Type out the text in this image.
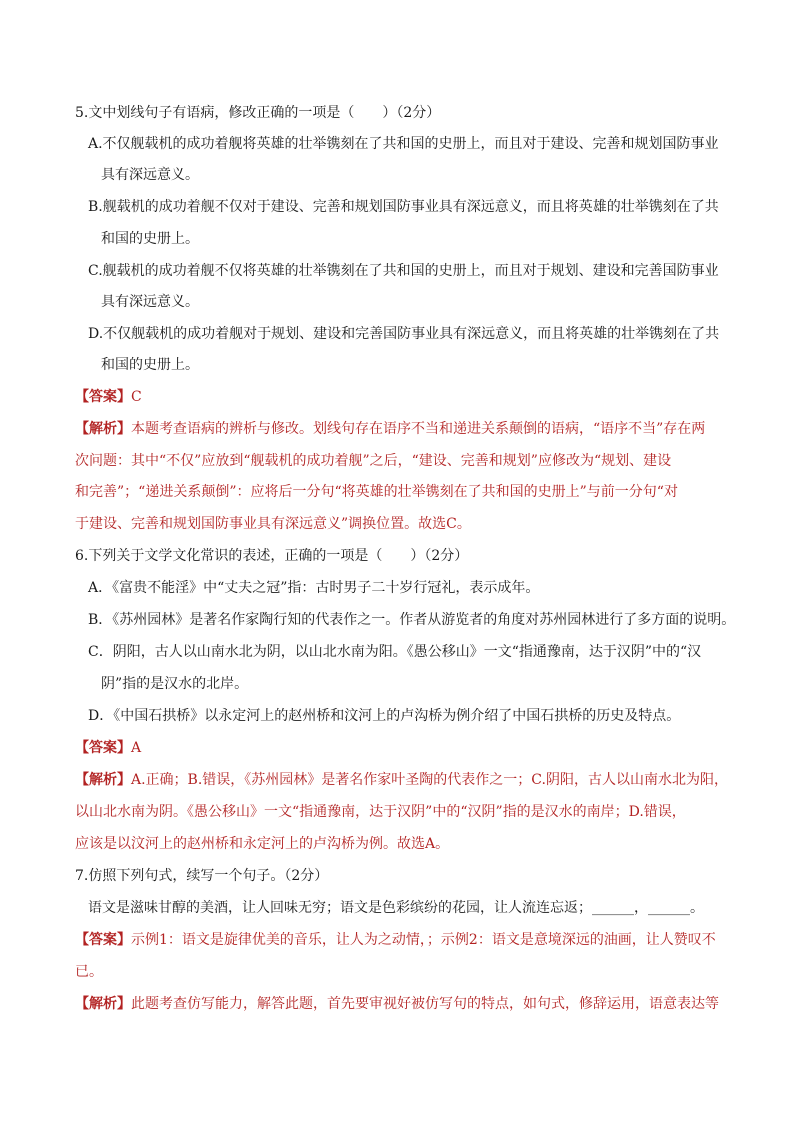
5.文中划线句子有语病，修改正确的一项是（　　）（2分）
A.不仅舰载机的成功着舰将英雄的壮举镌刻在了共和国的史册上，而且对于建设、完善和规划国防事业
具有深远意义。
B.舰载机的成功着舰不仅对于建设、完善和规划国防事业具有深远意义，而且将英雄的壮举镌刻在了共
和国的史册上。
C.舰载机的成功着舰不仅将英雄的壮举镌刻在了共和国的史册上，而且对于规划、建设和完善国防事业
具有深远意义。
D.不仅舰载机的成功着舰对于规划、建设和完善国防事业具有深远意义，而且将英雄的壮举镌刻在了共
和国的史册上。
【答案】C
【解析】本题考查语病的辨析与修改。划线句存在语序不当和递进关系颠倒的语病，“语序不当”存在两
次问题：其中“不仅”应放到“舰载机的成功着舰”之后，“建设、完善和规划”应修改为“规划、建设
和完善”；“递进关系颠倒”：应将后一分句“将英雄的壮举镌刻在了共和国的史册上”与前一分句“对
于建设、完善和规划国防事业具有深远意义”调换位置。故选C。
6.下列关于文学文化常识的表述，正确的一项是（　　）（2分）
A．《富贵不能淫》中“丈夫之冠”指：古时男子二十岁行冠礼，表示成年。
B．《苏州园林》是著名作家陶行知的代表作之一。作者从游览者的角度对苏州园林进行了多方面的说明。
C．阴阳，古人以山南水北为阴，以山北水南为阳。《愚公移山》一文“指通豫南，达于汉阴”中的“汉
阴”指的是汉水的北岸。
D．《中国石拱桥》以永定河上的赵州桥和汶河上的卢沟桥为例介绍了中国石拱桥的历史及特点。
【答案】A
【解析】A.正确；B.错误，《苏州园林》是著名作家叶圣陶的代表作之一；C.阴阳，古人以山南水北为阳，
以山北水南为阴。《愚公移山》一文“指通豫南，达于汉阴”中的“汉阴”指的是汉水的南岸；D.错误，
应该是以汶河上的赵州桥和永定河上的卢沟桥为例。故选A。
7.仿照下列句式，续写一个句子。（2分）
语文是滋味甘醇的美酒，让人回味无穷；语文是色彩缤纷的花园，让人流连忘返；______，______。
【答案】示例1：语文是旋律优美的音乐，让人为之动情，；示例2：语文是意境深远的油画，让人赞叹不
已。
【解析】此题考查仿写能力，解答此题，首先要审视好被仿写句的特点，如句式，修辞运用，语意表达等
